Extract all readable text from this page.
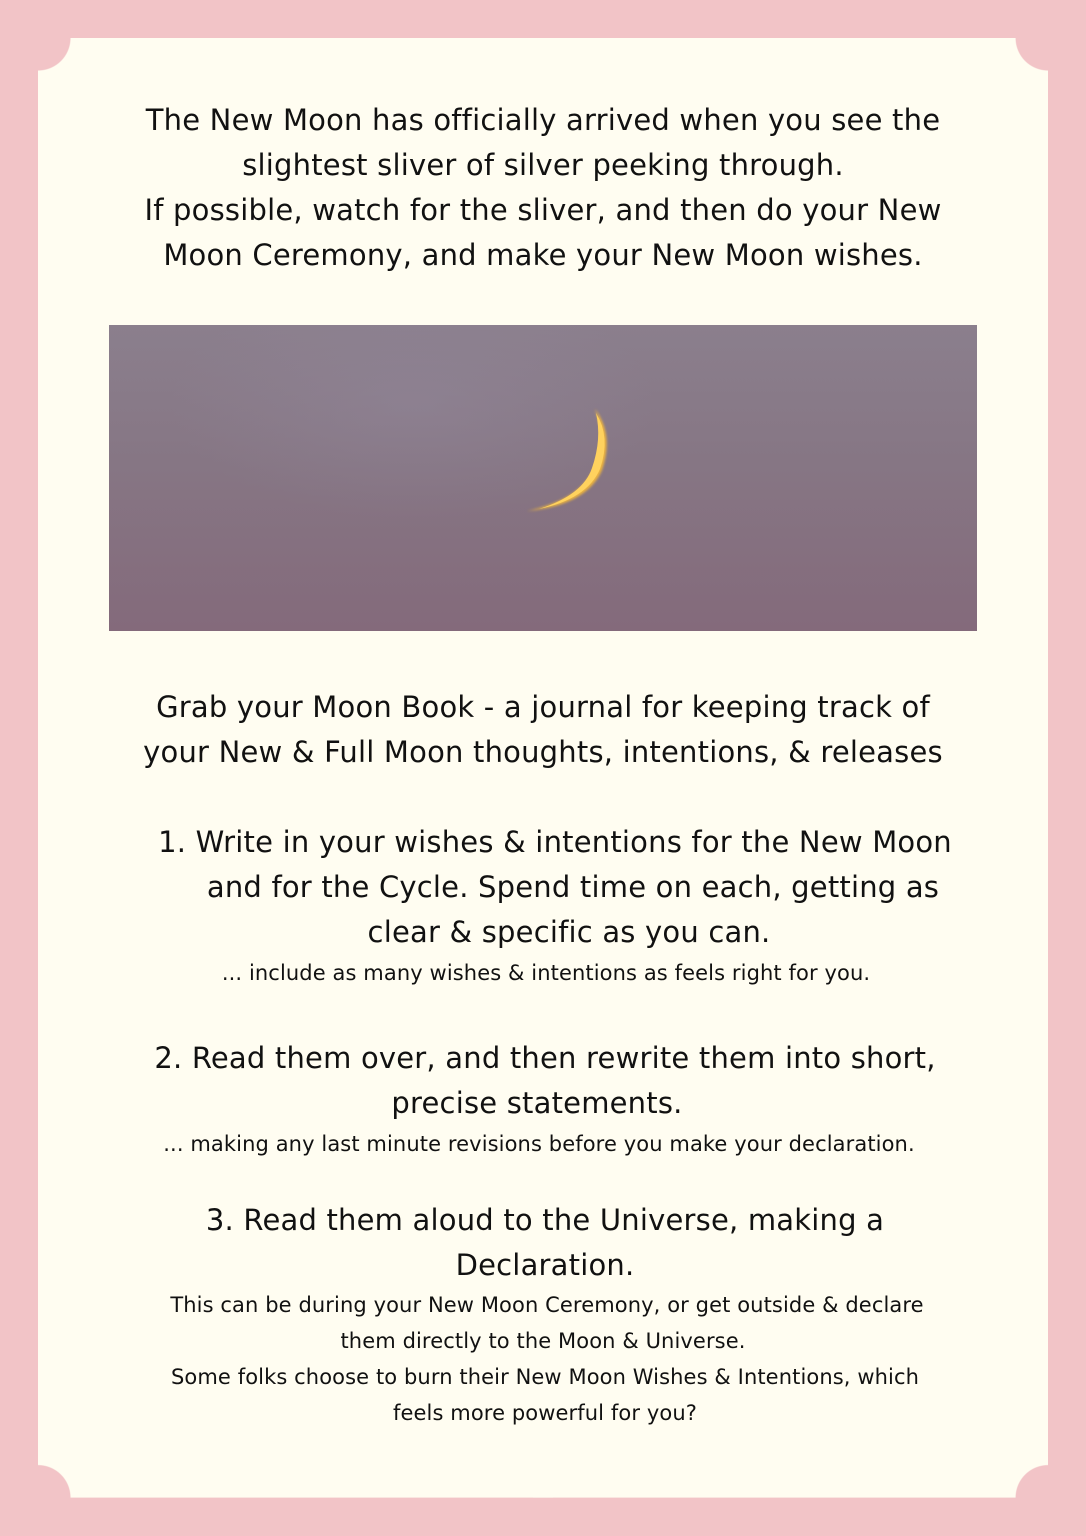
The New Moon has officially arrived when you see the

slightest sliver of silver peeking through.

If possible, watch for the sliver, and then do your New

Moon Ceremony, and make your New Moon wishes.

Grab your Moon Book - a journal for keeping track of

your New & Full Moon thoughts, intentions, & releases

1. Write in your wishes & intentions for the New Moon

and for the Cycle. Spend time on each, getting as

clear & specific as you can.

... include as many wishes & intentions as feels right for you.

2. Read them over, and then rewrite them into short,

precise statements.

... making any last minute revisions before you make your declaration.

3. Read them aloud to the Universe, making a

Declaration.

This can be during your New Moon Ceremony, or get outside & declare

them directly to the Moon & Universe.

Some folks choose to burn their New Moon Wishes & Intentions, which

feels more powerful for you?
